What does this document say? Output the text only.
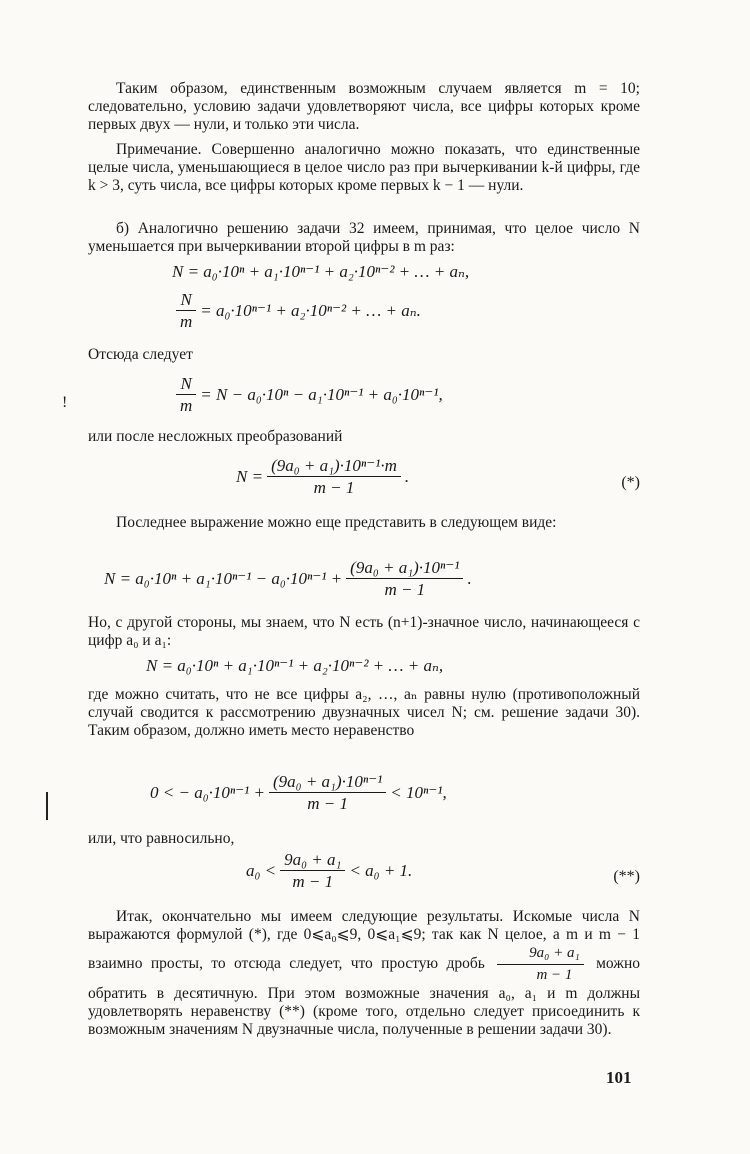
Таким образом, единственным возможным случаем является m = 10; следовательно, условию задачи удовлетворяют числа, все цифры которых кроме первых двух — нули, и только эти числа.
Примечание. Совершенно аналогично можно показать, что единственные целые числа, уменьшающиеся в целое число раз при вычеркивании k-й цифры, где k > 3, суть числа, все цифры которых кроме первых k − 1 — нули.
б) Аналогично решению задачи 32 имеем, принимая, что целое число N уменьшается при вычеркивании второй цифры в m раз:
N = a₀·10ⁿ + a₁·10ⁿ⁻¹ + a₂·10ⁿ⁻² + … + aₙ,
$\frac{N}{m} = a_0\cdot 10^{n-1} + a_2\cdot 10^{n-2}$ + … + aₙ.
Отсюда следует
!	$\frac{N}{m} = N - a_0\cdot 10^n - a_1\cdot 10^{n-1} + a_0\cdot 10^{n-1}$,
или после несложных преобразований
$N = \frac{\text{(9a₀ + a₁)·10ⁿ⁻¹·m}}{m - 1}$ .	(*)
Последнее выражение можно еще представить в следующем виде:
$N = a_0\cdot 10^n + a_1\cdot 10^{n-1} - a_0\cdot 10^{n-1} + \frac{\text{(9a₀ + a₁)·10ⁿ⁻¹}}{m - 1}$ .
Но, с другой стороны, мы знаем, что N есть (n+1)-значное число, начинающееся с цифр a₀ и a₁:
N = a₀·10ⁿ + a₁·10ⁿ⁻¹ + a₂·10ⁿ⁻² + … + aₙ,
где можно считать, что не все цифры a₂, …, aₙ равны нулю (противоположный случай сводится к рассмотрению двузначных чисел N; см. решение задачи 30). Таким образом, должно иметь место неравенство
0 < − $a_0\cdot 10^{n-1} + \frac{\text{(9a₀ + a₁)·10ⁿ⁻¹}}{m - 1} < 10^{n-1}$,
или, что равносильно,
$a_0 < \frac{\text{9a₀ + a₁}}{m - 1} < a_0 + 1$.	(**)
Итак, окончательно мы имеем следующие результаты. Искомые числа N выражаются формулой (*), где 0⩽a₀⩽9, 0⩽a₁⩽9; так как N целое, а m и m − 1 взаимно просты, то отсюда следует, что простую дробь $\frac{\text{9a₀ + a₁}}{m - 1}$ можно обратить в десятичную. При этом возможные значения a₀, a₁ и m должны удовлетворять неравенству (**) (кроме того, отдельно следует присоединить к возможным значениям N двузначные числа, полученные в решении задачи 30).
101
